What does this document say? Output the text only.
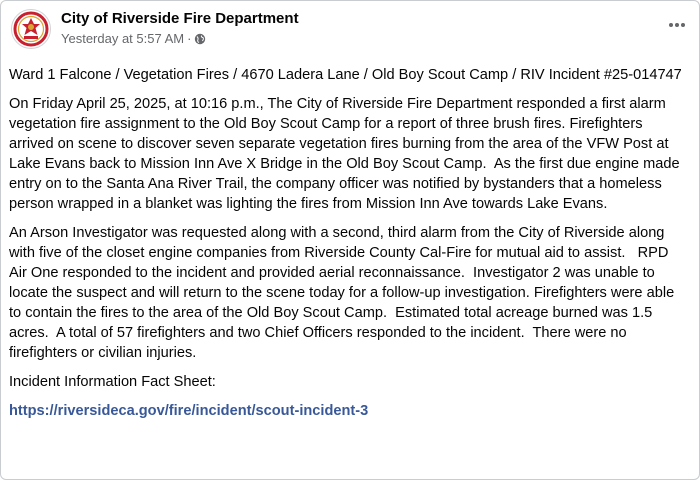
City of Riverside Fire Department
Yesterday at 5:57 AM ·

Ward 1 Falcone / Vegetation Fires / 4670 Ladera Lane / Old Boy Scout Camp / RIV Incident #25-014747

On Friday April 25, 2025, at 10:16 p.m., The City of Riverside Fire Department responded a first alarm vegetation fire assignment to the Old Boy Scout Camp for a report of three brush fires. Firefighters arrived on scene to discover seven separate vegetation fires burning from the area of the VFW Post at Lake Evans back to Mission Inn Ave X Bridge in the Old Boy Scout Camp.  As the first due engine made entry on to the Santa Ana River Trail, the company officer was notified by bystanders that a homeless person wrapped in a blanket was lighting the fires from Mission Inn Ave towards Lake Evans.

An Arson Investigator was requested along with a second, third alarm from the City of Riverside along with five of the closet engine companies from Riverside County Cal-Fire for mutual aid to assist.   RPD Air One responded to the incident and provided aerial reconnaissance.  Investigator 2 was unable to locate the suspect and will return to the scene today for a follow-up investigation. Firefighters were able to contain the fires to the area of the Old Boy Scout Camp.  Estimated total acreage burned was 1.5 acres.  A total of 57 firefighters and two Chief Officers responded to the incident.  There were no firefighters or civilian injuries.

Incident Information Fact Sheet:

https://riversideca.gov/fire/incident/scout-incident-3
